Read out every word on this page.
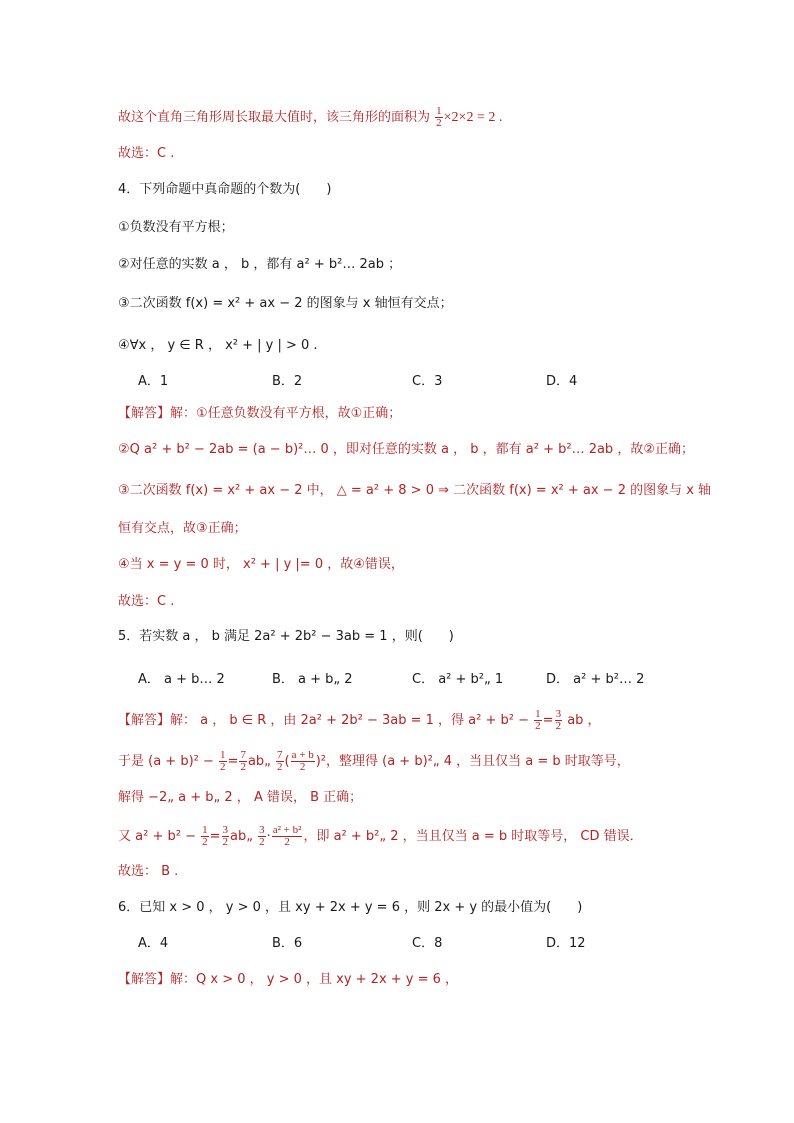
故这个直角三角形周长取最大值时，该三角形的面积为 $\frac{1}{2} \times 2\times 2 = 2$ .
故选：C .
4．下列命题中真命题的个数为(　　)
①负数没有平方根；
②对任意的实数 a ， b ，都有 a² + b²… 2ab ；
③二次函数 f(x) = x² + ax − 2 的图象与 x 轴恒有交点；
④∀x ， y ∈ R ， x² + | y | > 0 .
A．1	B．2	C．3	D．4
【解答】解：①任意负数没有平方根，故①正确；
②Q a² + b² − 2ab = (a − b)²… 0 ，即对任意的实数 a ， b ，都有 a² + b²… 2ab ，故②正确；
③二次函数 f(x) = x² + ax − 2 中， △ = a² + 8 > 0 ⇒ 二次函数 f(x) = x² + ax − 2 的图象与 x 轴
恒有交点，故③正确；
④当 x = y = 0 时， x² + | y |= 0 ，故④错误，
故选：C .
5．若实数 a ， b 满足 2a² + 2b² − 3ab = 1 ，则(　　)
A． a + b… 2	B． a + b„ 2	C． a² + b²„ 1	D． a² + b²… 2
【解答】解： a ， b ∈ R ，由 2a² + 2b² − 3ab = 1 ，得 $a^2 + b^2 - \frac{1}{2} = \frac{3}{2}$ ab ，
于是 $(a + b)^2 - \frac{1}{2} = \frac{7}{2}$ ab„ $\frac{7}{2}$ ( $\frac{a + b}{2} )^2$，整理得 (a + b)²„ 4 ，当且仅当 a = b 时取等号，
解得 −2„ a + b„ 2 ， A 错误， B 正确；
又 $a^2 + b^2 - \frac{1}{2} = \frac{3}{2}$ ab„ $\frac{3}{2} \cdot \frac{\text{a² + b²}}{2}$ ，即 a² + b²„ 2 ，当且仅当 a = b 时取等号， CD 错误．
故选： B .
6．已知 x > 0 ， y > 0 ，且 xy + 2x + y = 6 ，则 2x + y 的最小值为(　　)
A．4	B．6	C．8	D．12
【解答】解：Q x > 0 ， y > 0 ，且 xy + 2x + y = 6 ，
